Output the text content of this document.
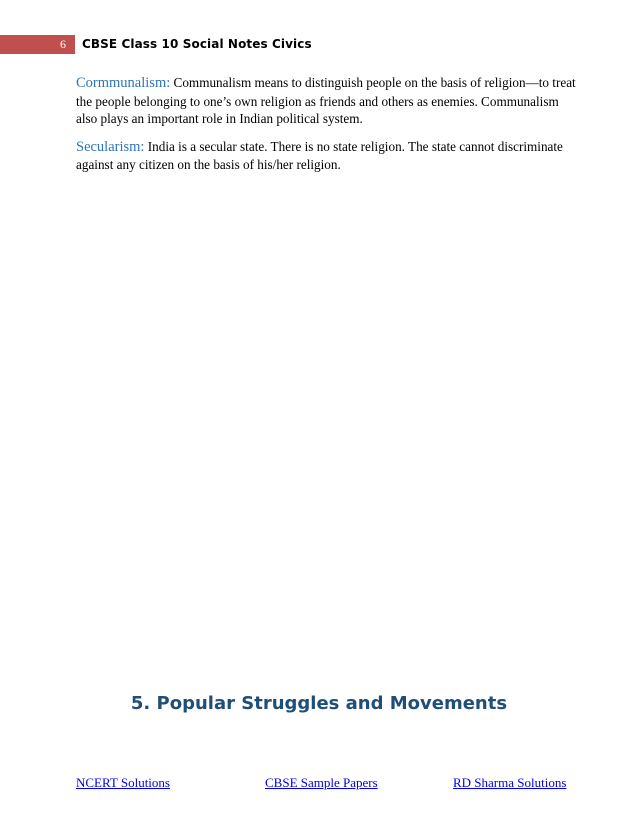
6 CBSE Class 10 Social Notes Civics

Cormmunalism: Communalism means to distinguish people on the basis of religion—to treat the people belonging to one’s own religion as friends and others as enemies. Communalism also plays an important role in Indian political system.

Secularism: India is a secular state. There is no state religion. The state cannot discriminate against any citizen on the basis of his/her religion.

5. Popular Struggles and Movements
NCERT Solutions	CBSE Sample Papers	RD Sharma Solutions
